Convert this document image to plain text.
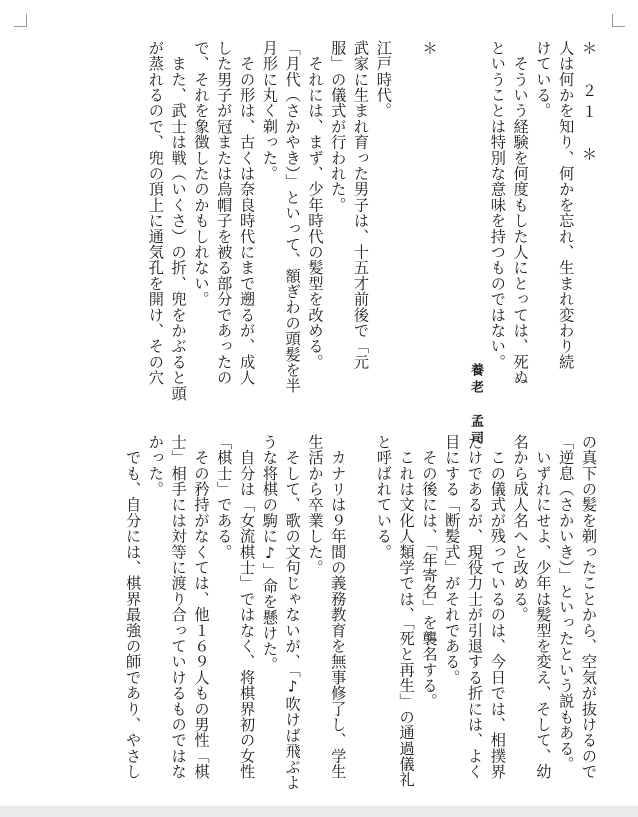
＊　２１　＊

人は何かを知り、何かを忘れ、生まれ変わり続

けている。

　そういう経験を何度もした人にとっては、死ぬ

ということは特別な意味を持つものではない。

　　　　　　　　　　　　　　　　　　　養老　孟司

＊

江戸時代。

武家に生まれ育った男子は、十五才前後で「元

服」の儀式が行われた。

　それには、まず、少年時代の髪型を改める。

「月代（さかやき）」といって、額ぎわの頭髪を半

月形に丸く剃った。

　その形は、古くは奈良時代にまで遡るが、成人

した男子が冠または烏帽子を被る部分であったの

で、それを象徴したのかもしれない。

　また、武士は戦（いくさ）の折、兜をかぶると頭

が蒸れるので、兜の頂上に通気孔を開け、その穴

の真下の髪を剃ったことから、空気が抜けるので

「逆息（さかいき）」といったという説もある。

　いずれにせよ、少年は髪型を変え、そして、幼

名から成人名へと改める。

　この儀式が残っているのは、今日では、相撲界

だけであるが、現役力士が引退する折には、よく

目にする「断髪式」がそれである。

　その後には、「年寄名」を襲名する。

　これは文化人類学では、「死と再生」の通過儀礼

と呼ばれている。

　カナリは９年間の義務教育を無事修了し、学生

生活から卒業した。

　そして、歌の文句じゃないが、「♪吹けば飛ぶよ

うな将棋の駒に♪」命を懸けた。

　自分は「女流棋士」ではなく、将棋界初の女性

「棋士」である。

　その矜持がなくては、他１６９人もの男性「棋

士」相手には対等に渡り合っていけるものではな

かった。

　でも、自分には、棋界最強の師であり、やさし
